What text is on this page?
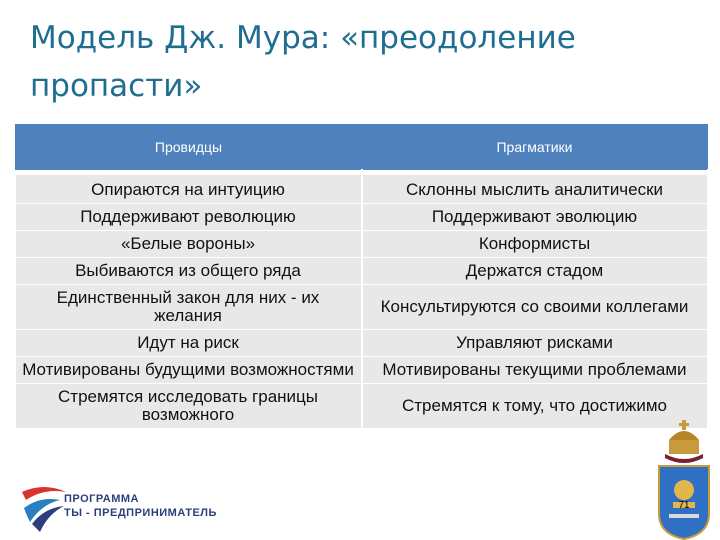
Модель Дж. Мура: «преодоление пропасти»
Провидцы	Прагматики

Опираются на интуицию	Склонны мыслить аналитически
Поддерживают революцию	Поддерживают эволюцию
«Белые вороны»	Конформисты
Выбиваются из общего ряда	Держатся стадом
Единственный закон для них - их желания	Консультируются со своими коллегами
Идут на риск	Управляют рисками
Мотивированы будущими возможностями	Мотивированы текущими проблемами
Стремятся исследовать границы возможного	Стремятся к тому, что достижимо
ПРОГРАММА
ТЫ - ПРЕДПРИНИМАТЕЛЬ
71
